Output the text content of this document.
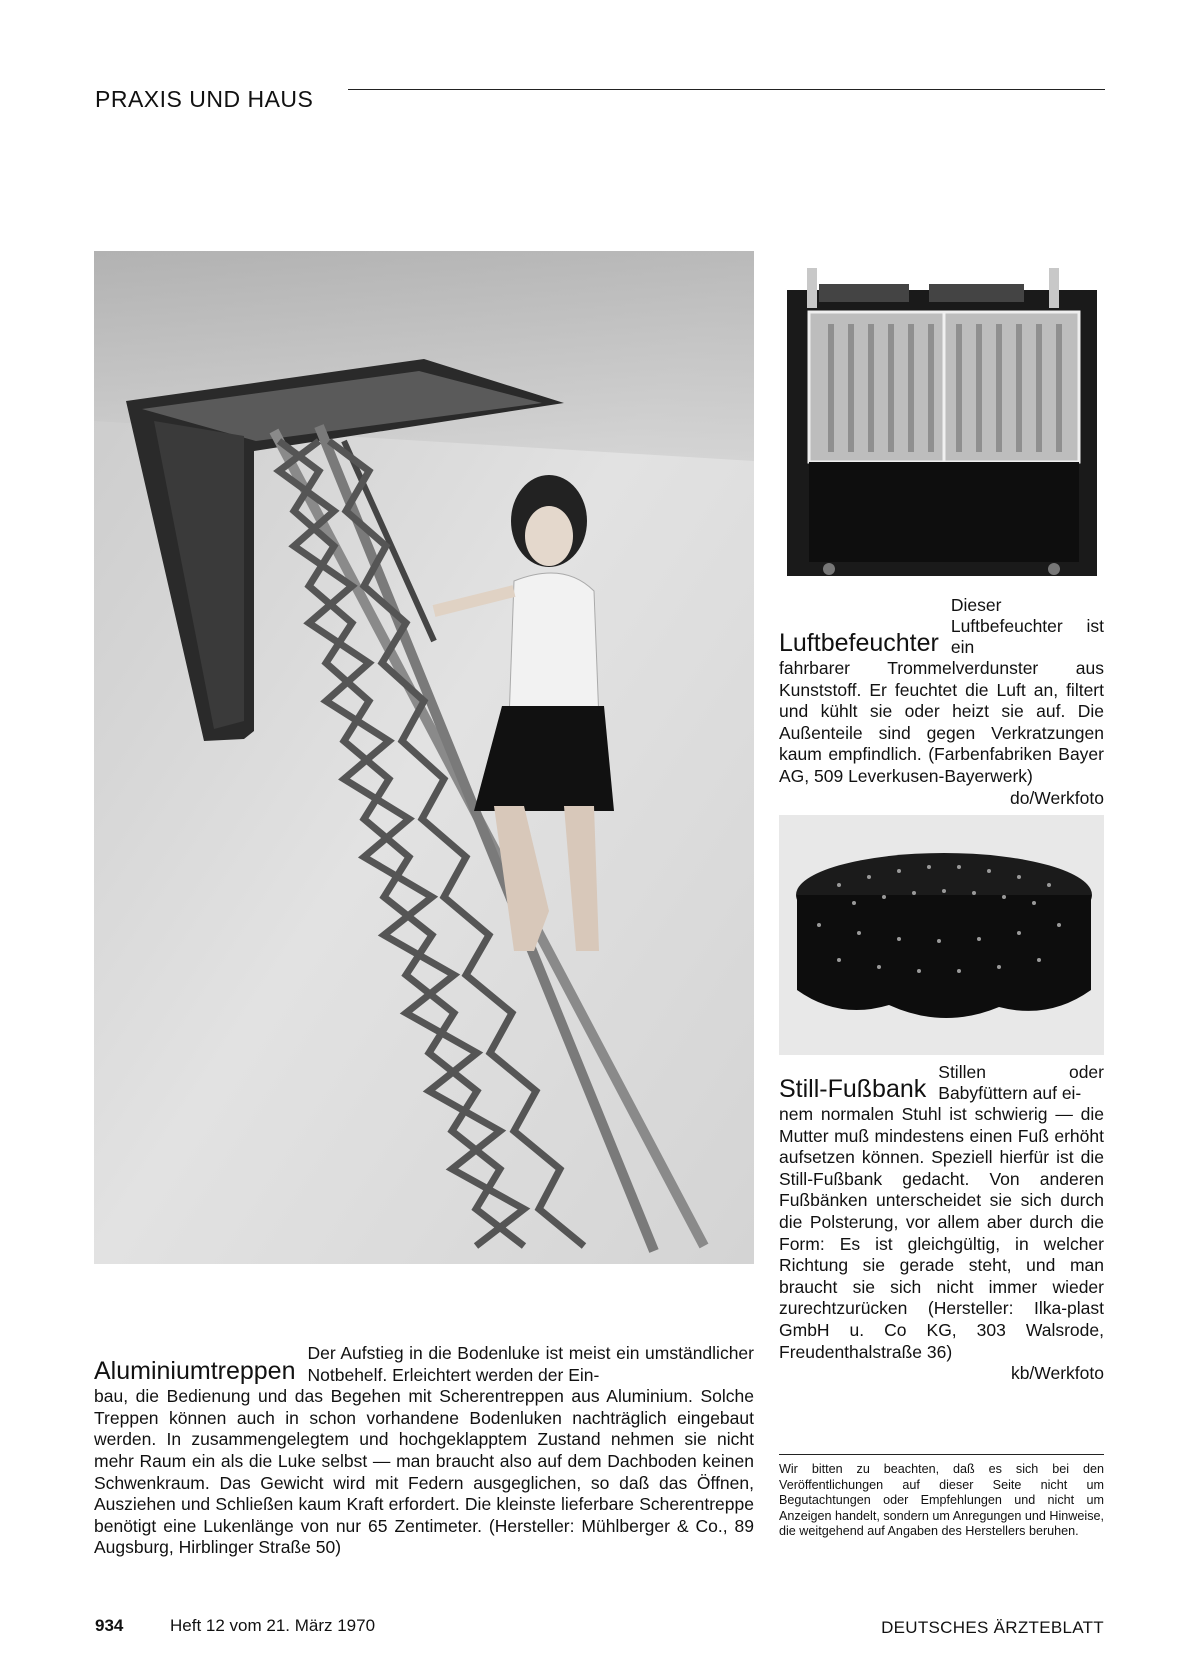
PRAXIS UND HAUS
Luftbefeuchter
Dieser Luftbefeuchter ist ein

fahrbarer Trommelverdunster aus Kunststoff. Er feuchtet die Luft an, filtert und kühlt sie oder heizt sie auf. Die Außenteile sind gegen Verkratzungen kaum empfindlich. (Farbenfabriken Bayer AG, 509 Leverkusen-Bayerwerk)

do/Werkfoto
Still-Fußbank
Stillen oder Babyfüttern auf ei-

nem normalen Stuhl ist schwierig — die Mutter muß mindestens einen Fuß erhöht aufsetzen können. Speziell hierfür ist die Still-Fußbank gedacht. Von anderen Fußbänken unterscheidet sie sich durch die Polsterung, vor allem aber durch die Form: Es ist gleichgültig, in welcher Richtung sie gerade steht, und man braucht sie sich nicht immer wieder zurechtzurücken (Hersteller: Ilka-plast GmbH u. Co KG, 303 Walsrode, Freudenthalstraße 36)

kb/Werkfoto
Aluminiumtreppen
Der Aufstieg in die Bodenluke ist meist ein umständlicher Notbehelf. Erleichtert werden der Ein-

bau, die Bedienung und das Begehen mit Scherentreppen aus Aluminium. Solche Treppen können auch in schon vorhandene Bodenluken nachträglich eingebaut werden. In zusammengelegtem und hochgeklapptem Zustand nehmen sie nicht mehr Raum ein als die Luke selbst — man braucht also auf dem Dachboden keinen Schwenkraum. Das Gewicht wird mit Federn ausgeglichen, so daß das Öffnen, Ausziehen und Schließen kaum Kraft erfordert. Die kleinste lieferbare Scherentreppe benötigt eine Lukenlänge von nur 65 Zentimeter. (Hersteller: Mühlberger & Co., 89 Augsburg, Hirblinger Straße 50)

Wir bitten zu beachten, daß es sich bei den Veröffentlichungen auf dieser Seite nicht um Begutachtungen oder Empfehlungen und nicht um Anzeigen handelt, sondern um Anregungen und Hinweise, die weitgehend auf Angaben des Herstellers beruhen.
934	Heft 12 vom 21. März 1970	DEUTSCHES ÄRZTEBLATT
